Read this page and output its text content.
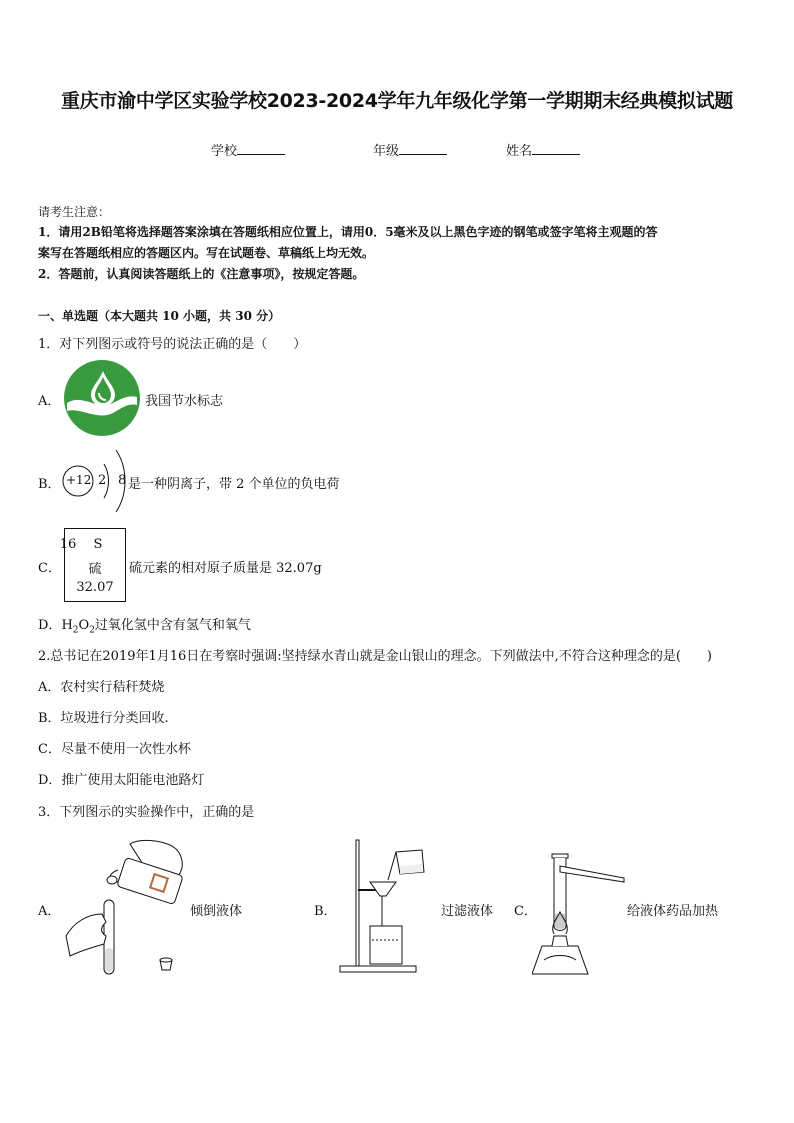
重庆市渝中学区实验学校2023-2024学年九年级化学第一学期期末经典模拟试题
学校	年级	姓名
请考生注意：
1．请用2B铅笔将选择题答案涂填在答题纸相应位置上，请用0．5毫米及以上黑色字迹的钢笔或签字笔将主观题的答
案写在答题纸相应的答题区内。写在试题卷、草稿纸上均无效。
2．答题前，认真阅读答题纸上的《注意事项》，按规定答题。
一、单选题（本大题共 10 小题，共 30 分）
1．对下列图示或符号的说法正确的是（　　）
A．	我国节水标志
B． +12 2 8 是一种阴离子，带 2 个单位的负电荷
C．
16	S
硫
32.07
硫元素的相对原子质量是 32.07g
D．$H_2O_2$过氧化氢中含有氢气和氧气
2.总书记在2019年1月16日在考察时强调:坚持绿水青山就是金山银山的理念。下列做法中,不符合这种理念的是(　　)
A．农村实行秸秆焚烧
B．垃圾进行分类回收.
C．尽量不使用一次性水杯
D．推广使用太阳能电池路灯
3．下列图示的实验操作中，正确的是
A．	倾倒液体	B．	过滤液体 C．	给液体药品加热
